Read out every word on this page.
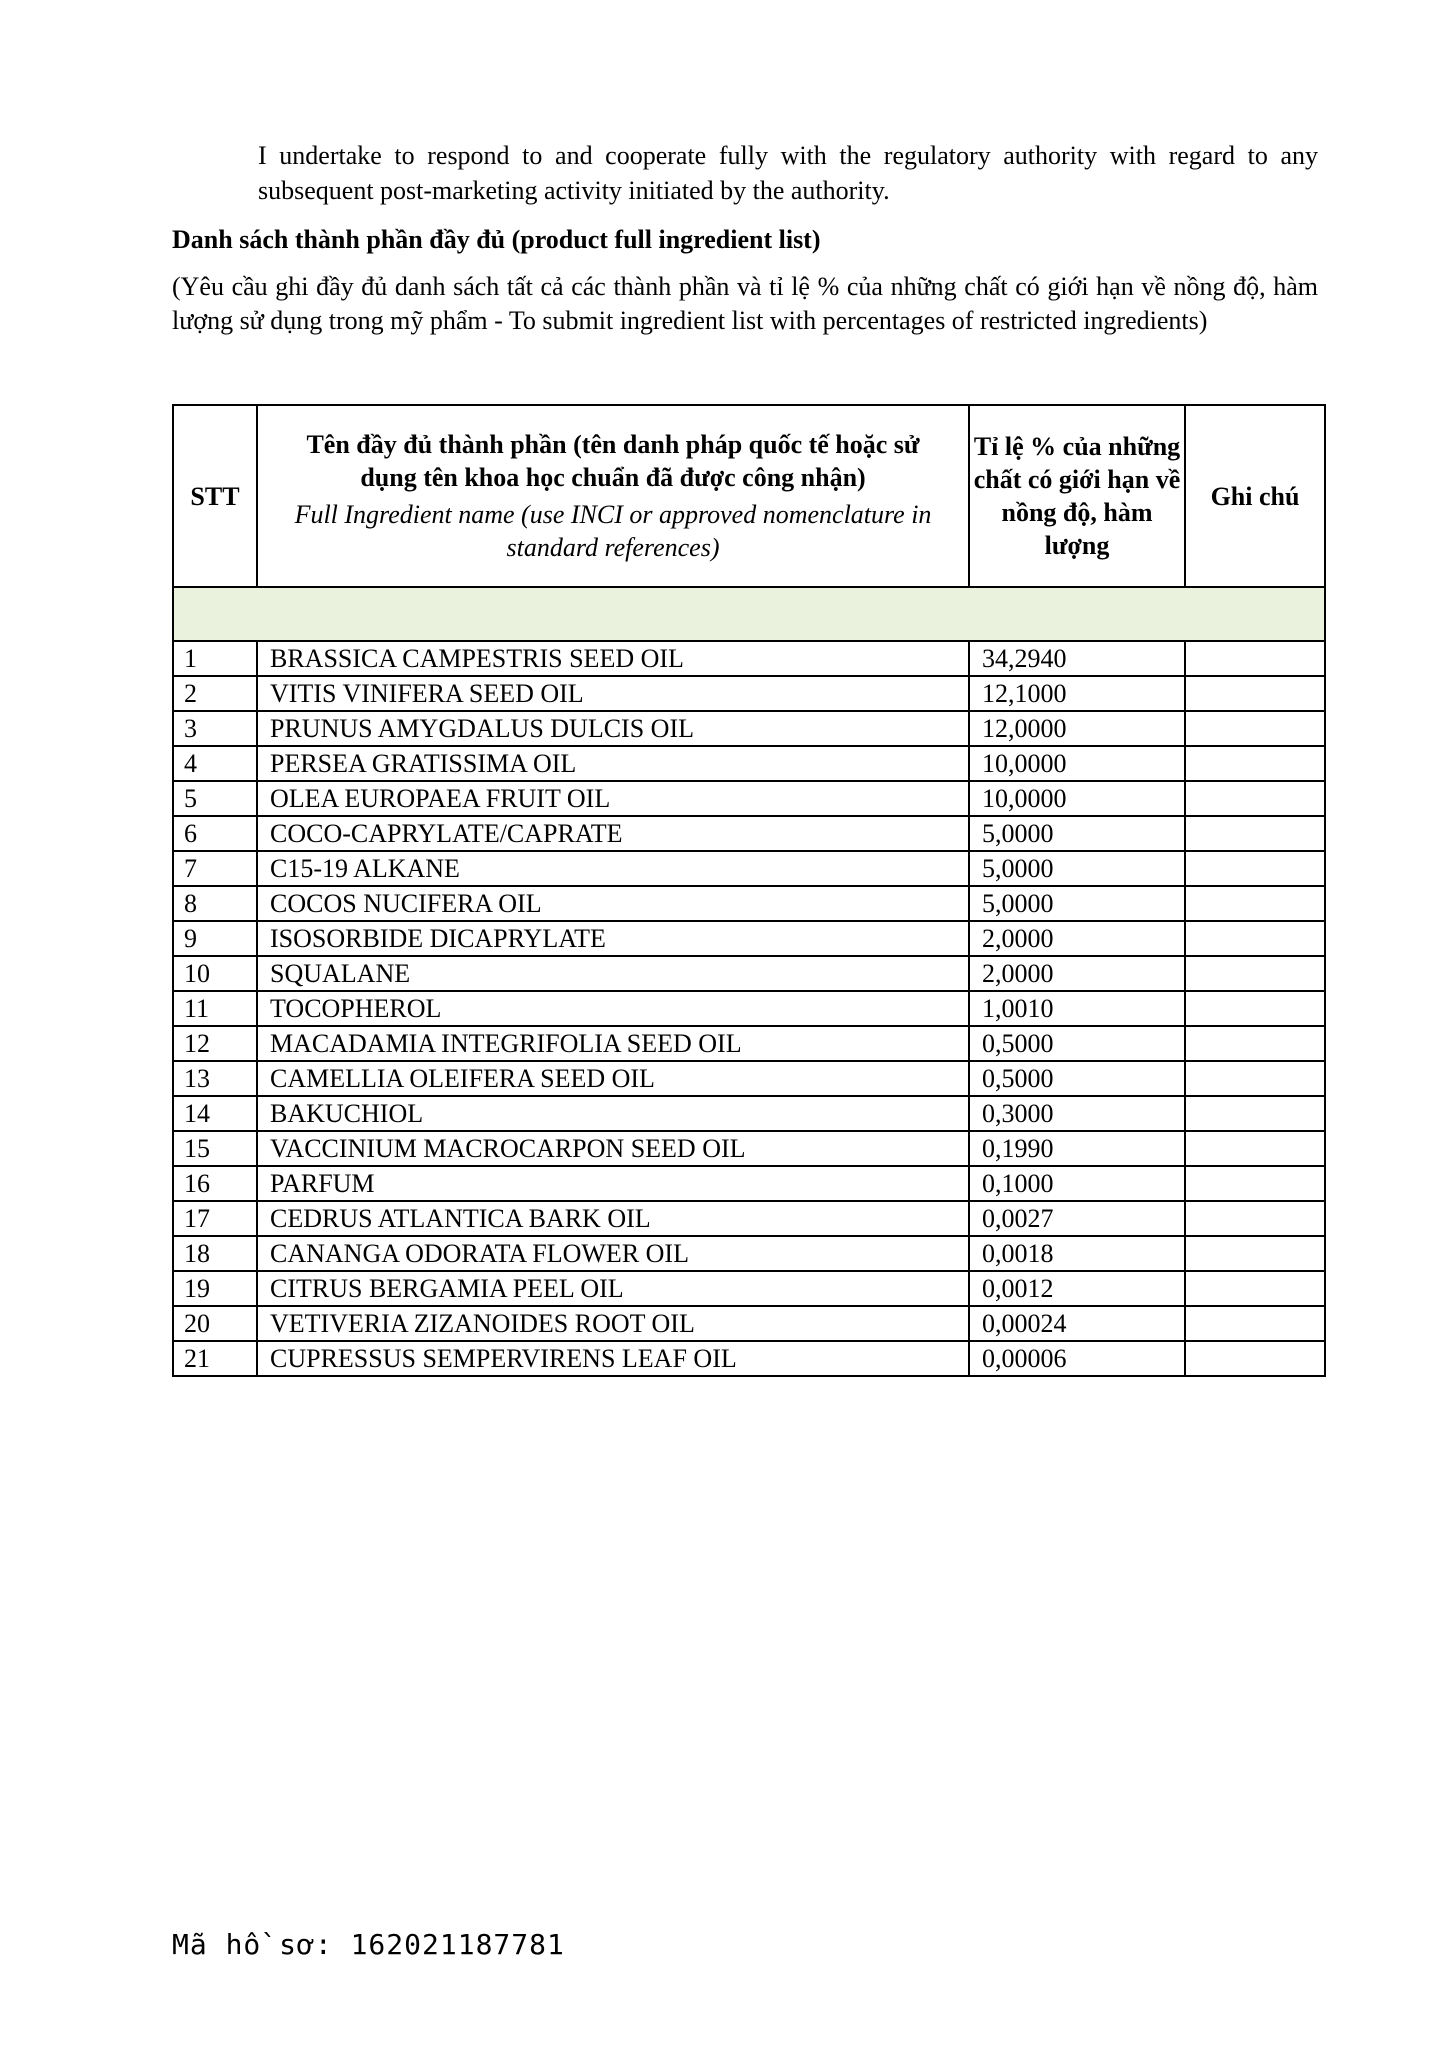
I undertake to respond to and cooperate fully with the regulatory authority with regard to any subsequent post-marketing activity initiated by the authority.

Danh sách thành phần đầy đủ (product full ingredient list)

(Yêu cầu ghi đầy đủ danh sách tất cả các thành phần và tỉ lệ % của những chất có giới hạn về nồng độ, hàm lượng sử dụng trong mỹ phẩm - To submit ingredient list with percentages of restricted ingredients)

STT	Tên đầy đủ thành phần (tên danh pháp quốc tế hoặc sử dụng tên khoa học chuẩn đã được công nhận)
Full Ingredient name (use INCI or approved nomenclature in standard references)	Tỉ lệ % của những chất có giới hạn về nồng độ, hàm lượng	Ghi chú

1	BRASSICA CAMPESTRIS SEED OIL	34,2940	
2	VITIS VINIFERA SEED OIL	12,1000	
3	PRUNUS AMYGDALUS DULCIS OIL	12,0000	
4	PERSEA GRATISSIMA OIL	10,0000	
5	OLEA EUROPAEA FRUIT OIL	10,0000	
6	COCO-CAPRYLATE/CAPRATE	5,0000	
7	C15-19 ALKANE	5,0000	
8	COCOS NUCIFERA OIL	5,0000	
9	ISOSORBIDE DICAPRYLATE	2,0000	
10	SQUALANE	2,0000	
11	TOCOPHEROL	1,0010	
12	MACADAMIA INTEGRIFOLIA SEED OIL	0,5000	
13	CAMELLIA OLEIFERA SEED OIL	0,5000	
14	BAKUCHIOL	0,3000	
15	VACCINIUM MACROCARPON SEED OIL	0,1990	
16	PARFUM	0,1000	
17	CEDRUS ATLANTICA BARK OIL	0,0027	
18	CANANGA ODORATA FLOWER OIL	0,0018	
19	CITRUS BERGAMIA PEEL OIL	0,0012	
20	VETIVERIA ZIZANOIDES ROOT OIL	0,00024	
21	CUPRESSUS SEMPERVIRENS LEAF OIL	0,00006	

Mã hồ sơ: 162021187781
